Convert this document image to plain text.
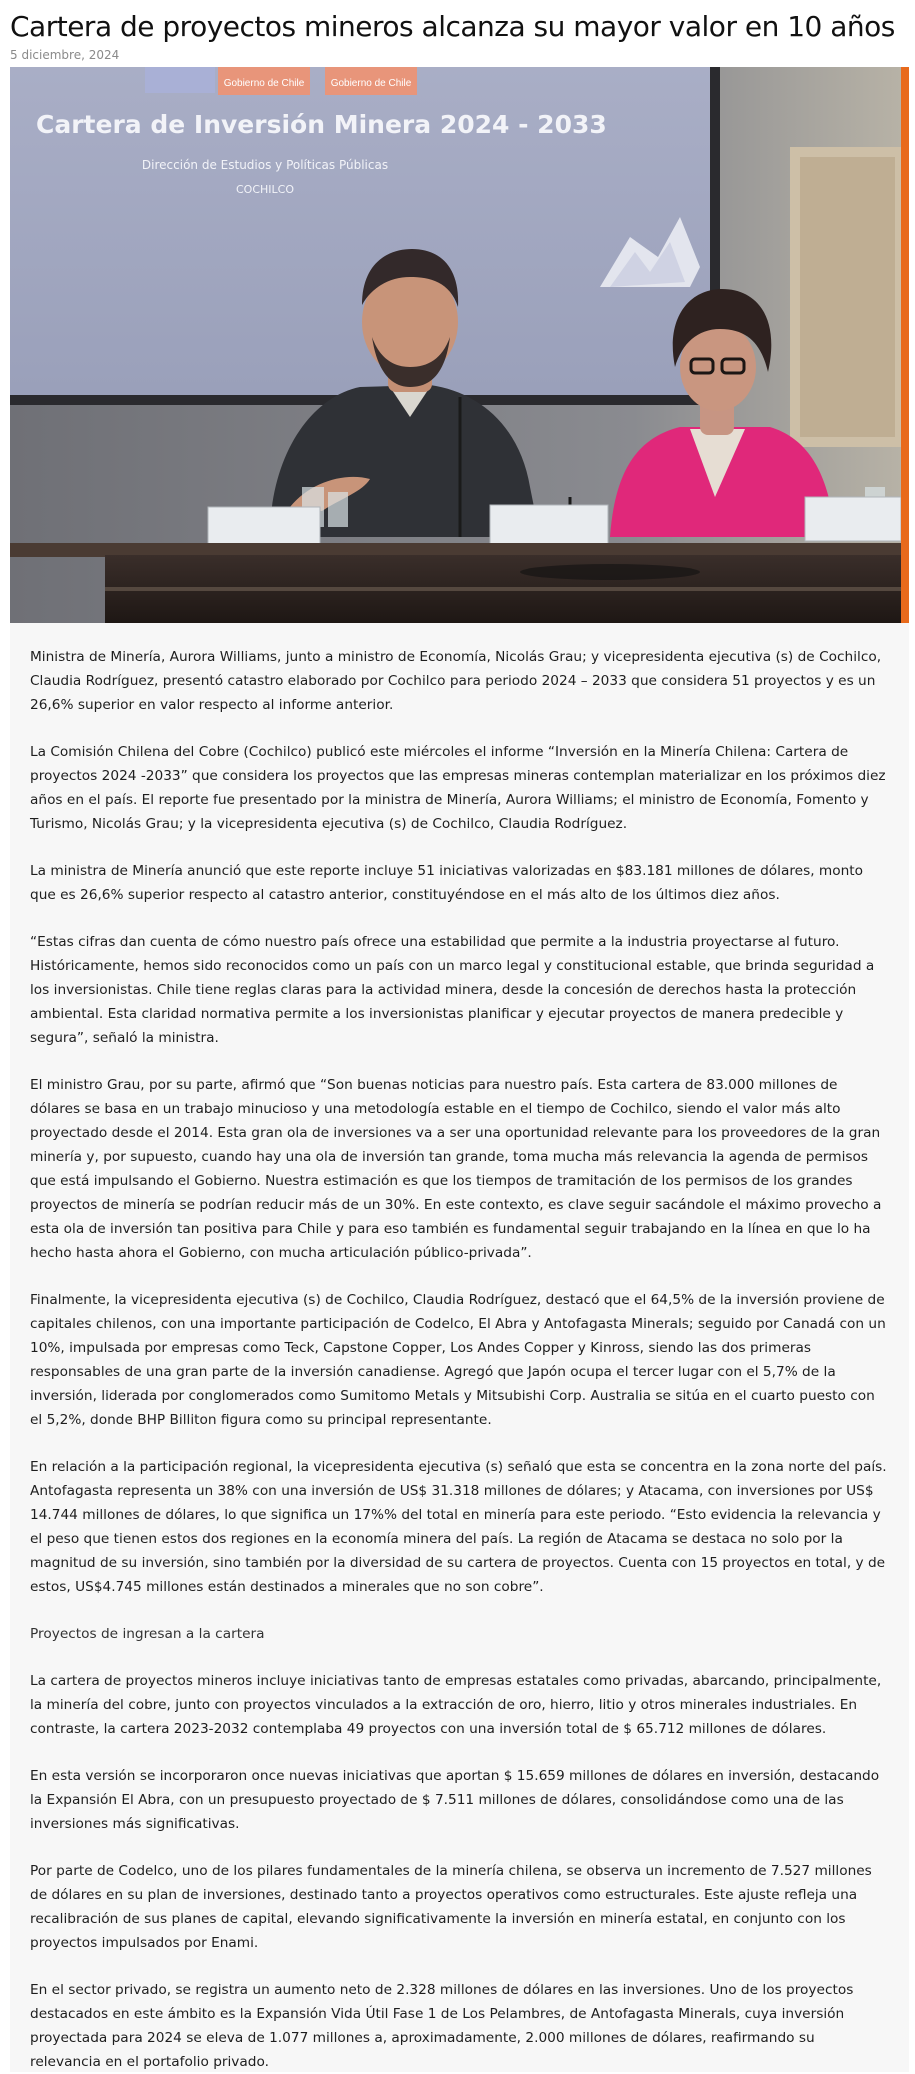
Cartera de proyectos mineros alcanza su mayor valor en 10 años
5 diciembre, 2024
Gobierno de Chile	Gobierno de Chile
Cartera de Inversión Minera 2024 - 2033
Dirección de Estudios y Políticas Públicas
COCHILCO

Ministra de Minería, Aurora Williams, junto a ministro de Economía, Nicolás Grau; y vicepresidenta ejecutiva (s) de Cochilco, Claudia Rodríguez, presentó catastro elaborado por Cochilco para periodo 2024 – 2033 que considera 51 proyectos y es un 26,6% superior en valor respecto al informe anterior.

La Comisión Chilena del Cobre (Cochilco) publicó este miércoles el informe “Inversión en la Minería Chilena: Cartera de proyectos 2024 -2033” que considera los proyectos que las empresas mineras contemplan materializar en los próximos diez años en el país. El reporte fue presentado por la ministra de Minería, Aurora Williams; el ministro de Economía, Fomento y Turismo, Nicolás Grau; y la vicepresidenta ejecutiva (s) de Cochilco, Claudia Rodríguez.

La ministra de Minería anunció que este reporte incluye 51 iniciativas valorizadas en $83.181 millones de dólares, monto que es 26,6% superior respecto al catastro anterior, constituyéndose en el más alto de los últimos diez años.

“Estas cifras dan cuenta de cómo nuestro país ofrece una estabilidad que permite a la industria proyectarse al futuro. Históricamente, hemos sido reconocidos como un país con un marco legal y constitucional estable, que brinda seguridad a los inversionistas. Chile tiene reglas claras para la actividad minera, desde la concesión de derechos hasta la protección ambiental. Esta claridad normativa permite a los inversionistas planificar y ejecutar proyectos de manera predecible y segura”, señaló la ministra.

El ministro Grau, por su parte, afirmó que “Son buenas noticias para nuestro país. Esta cartera de 83.000 millones de dólares se basa en un trabajo minucioso y una metodología estable en el tiempo de Cochilco, siendo el valor más alto proyectado desde el 2014. Esta gran ola de inversiones va a ser una oportunidad relevante para los proveedores de la gran minería y, por supuesto, cuando hay una ola de inversión tan grande, toma mucha más relevancia la agenda de permisos que está impulsando el Gobierno. Nuestra estimación es que los tiempos de tramitación de los permisos de los grandes proyectos de minería se podrían reducir más de un 30%. En este contexto, es clave seguir sacándole el máximo provecho a esta ola de inversión tan positiva para Chile y para eso también es fundamental seguir trabajando en la línea en que lo ha hecho hasta ahora el Gobierno, con mucha articulación público-privada”.

Finalmente, la vicepresidenta ejecutiva (s) de Cochilco, Claudia Rodríguez, destacó que el 64,5% de la inversión proviene de capitales chilenos, con una importante participación de Codelco, El Abra y Antofagasta Minerals; seguido por Canadá con un 10%, impulsada por empresas como Teck, Capstone Copper, Los Andes Copper y Kinross, siendo las dos primeras responsables de una gran parte de la inversión canadiense. Agregó que Japón ocupa el tercer lugar con el 5,7% de la inversión, liderada por conglomerados como Sumitomo Metals y Mitsubishi Corp. Australia se sitúa en el cuarto puesto con el 5,2%, donde BHP Billiton figura como su principal representante.

En relación a la participación regional, la vicepresidenta ejecutiva (s) señaló que esta se concentra en la zona norte del país. Antofagasta representa un 38% con una inversión de US$ 31.318 millones de dólares; y Atacama, con inversiones por US$ 14.744 millones de dólares, lo que significa un 17%% del total en minería para este periodo. “Esto evidencia la relevancia y el peso que tienen estos dos regiones en la economía minera del país. La región de Atacama se destaca no solo por la magnitud de su inversión, sino también por la diversidad de su cartera de proyectos. Cuenta con 15 proyectos en total, y de estos, US$4.745 millones están destinados a minerales que no son cobre”.

Proyectos de ingresan a la cartera

La cartera de proyectos mineros incluye iniciativas tanto de empresas estatales como privadas, abarcando, principalmente, la minería del cobre, junto con proyectos vinculados a la extracción de oro, hierro, litio y otros minerales industriales. En contraste, la cartera 2023-2032 contemplaba 49 proyectos con una inversión total de $ 65.712 millones de dólares.

En esta versión se incorporaron once nuevas iniciativas que aportan $ 15.659 millones de dólares en inversión, destacando la Expansión El Abra, con un presupuesto proyectado de $ 7.511 millones de dólares, consolidándose como una de las inversiones más significativas.

Por parte de Codelco, uno de los pilares fundamentales de la minería chilena, se observa un incremento de 7.527 millones de dólares en su plan de inversiones, destinado tanto a proyectos operativos como estructurales. Este ajuste refleja una recalibración de sus planes de capital, elevando significativamente la inversión en minería estatal, en conjunto con los proyectos impulsados por Enami.

En el sector privado, se registra un aumento neto de 2.328 millones de dólares en las inversiones. Uno de los proyectos destacados en este ámbito es la Expansión Vida Útil Fase 1 de Los Pelambres, de Antofagasta Minerals, cuya inversión proyectada para 2024 se eleva de 1.077 millones a, aproximadamente, 2.000 millones de dólares, reafirmando su relevancia en el portafolio privado.
